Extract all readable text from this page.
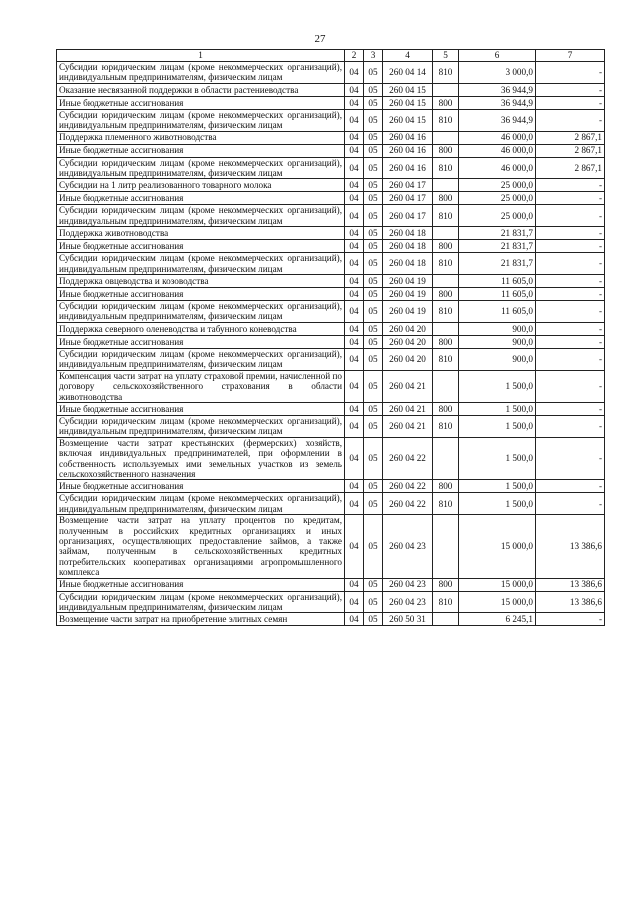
27
1	2	3	4	5	6	7
Субсидии юридическим лицам (кроме некоммерческих организаций), индивидуальным предпринимателям, физическим лицам	04	05	260 04 14	810	3 000,0	-
Оказание несвязанной поддержки в области растениеводства	04	05	260 04 15		36 944,9	-
Иные бюджетные ассигнования	04	05	260 04 15	800	36 944,9	-
Субсидии юридическим лицам (кроме некоммерческих организаций), индивидуальным предпринимателям, физическим лицам	04	05	260 04 15	810	36 944,9	-
Поддержка племенного животноводства	04	05	260 04 16		46 000,0	2 867,1
Иные бюджетные ассигнования	04	05	260 04 16	800	46 000,0	2 867,1
Субсидии юридическим лицам (кроме некоммерческих организаций), индивидуальным предпринимателям, физическим лицам	04	05	260 04 16	810	46 000,0	2 867,1
Субсидии на 1 литр реализованного товарного молока	04	05	260 04 17		25 000,0	-
Иные бюджетные ассигнования	04	05	260 04 17	800	25 000,0	-
Субсидии юридическим лицам (кроме некоммерческих организаций), индивидуальным предпринимателям, физическим лицам	04	05	260 04 17	810	25 000,0	-
Поддержка животноводства	04	05	260 04 18		21 831,7	-
Иные бюджетные ассигнования	04	05	260 04 18	800	21 831,7	-
Субсидии юридическим лицам (кроме некоммерческих организаций), индивидуальным предпринимателям, физическим лицам	04	05	260 04 18	810	21 831,7	-
Поддержка овцеводства и козоводства	04	05	260 04 19		11 605,0	-
Иные бюджетные ассигнования	04	05	260 04 19	800	11 605,0	-
Субсидии юридическим лицам (кроме некоммерческих организаций), индивидуальным предпринимателям, физическим лицам	04	05	260 04 19	810	11 605,0	-
Поддержка северного оленеводства и табунного коневодства	04	05	260 04 20		900,0	-
Иные бюджетные ассигнования	04	05	260 04 20	800	900,0	-
Субсидии юридическим лицам (кроме некоммерческих организаций), индивидуальным предпринимателям, физическим лицам	04	05	260 04 20	810	900,0	-
Компенсация части затрат на уплату страховой премии, начисленной по договору сельскохозяйственного страхования в области животноводства	04	05	260 04 21		1 500,0	-
Иные бюджетные ассигнования	04	05	260 04 21	800	1 500,0	-
Субсидии юридическим лицам (кроме некоммерческих организаций), индивидуальным предпринимателям, физическим лицам	04	05	260 04 21	810	1 500,0	-
Возмещение части затрат крестьянских (фермерских) хозяйств, включая индивидуальных предпринимателей, при оформлении в собственность используемых ими земельных участков из земель сельскохозяйственного назначения	04	05	260 04 22		1 500,0	-
Иные бюджетные ассигнования	04	05	260 04 22	800	1 500,0	-
Субсидии юридическим лицам (кроме некоммерческих организаций), индивидуальным предпринимателям, физическим лицам	04	05	260 04 22	810	1 500,0	-
Возмещение части затрат на уплату процентов по кредитам, полученным в российских кредитных организациях и иных организациях, осуществляющих предоставление займов, а также займам, полученным в сельскохозяйственных кредитных потребительских кооперативах организациями агропромышленного комплекса	04	05	260 04 23		15 000,0	13 386,6
Иные бюджетные ассигнования	04	05	260 04 23	800	15 000,0	13 386,6
Субсидии юридическим лицам (кроме некоммерческих организаций), индивидуальным предпринимателям, физическим лицам	04	05	260 04 23	810	15 000,0	13 386,6
Возмещение части затрат на приобретение элитных семян	04	05	260 50 31		6 245,1	-
